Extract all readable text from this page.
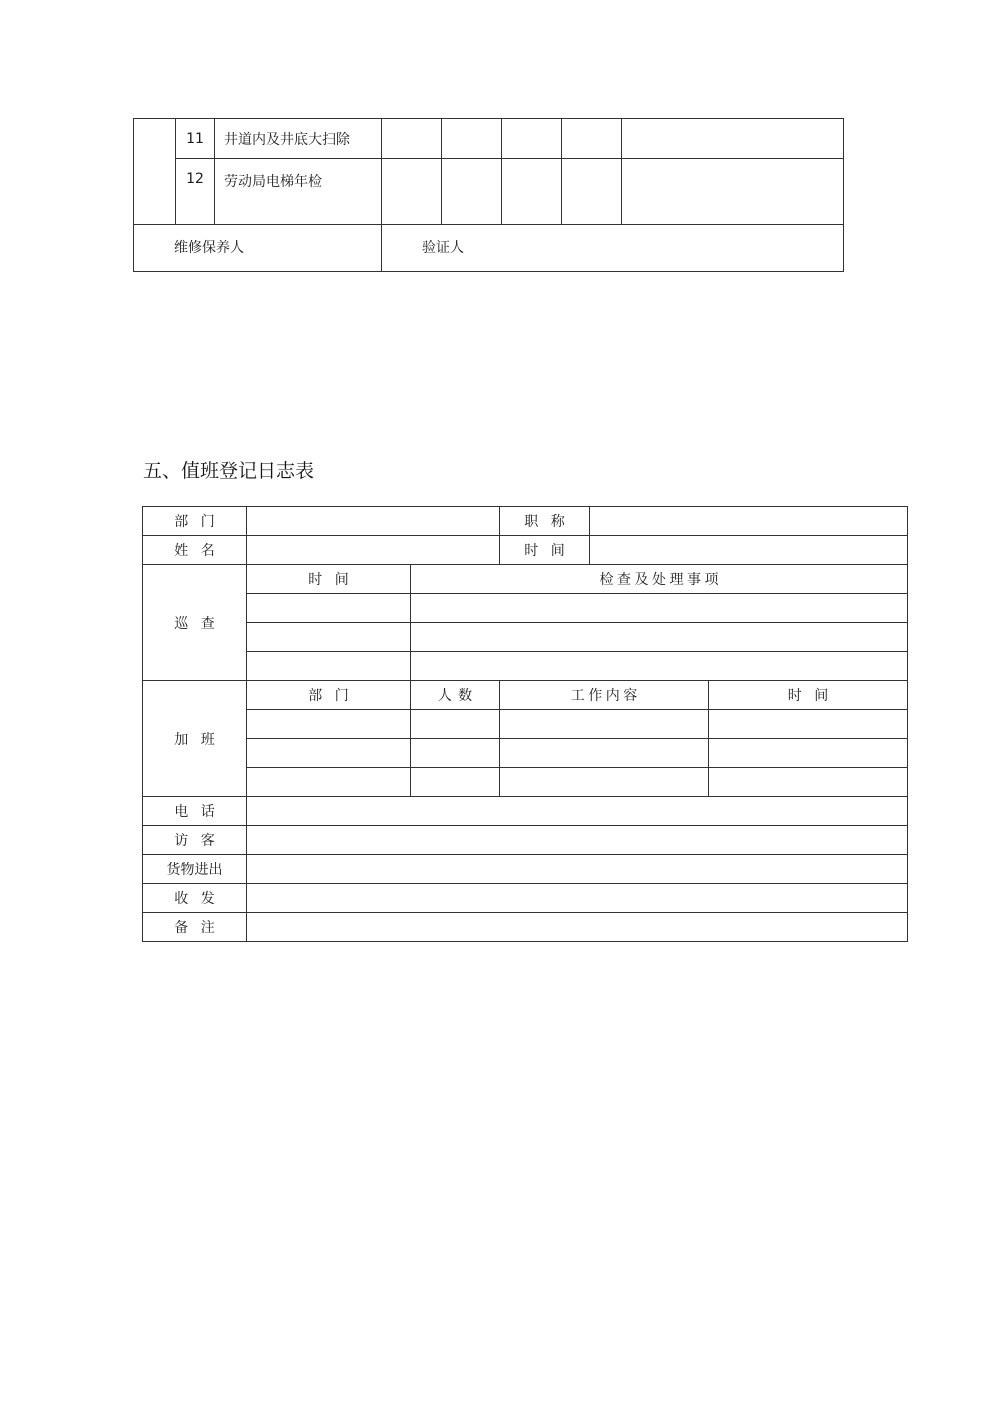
	11	井道内及井底大扫除					
	12	劳动局电梯年检					
维修保养人			验证人				
五、值班登记日志表
部门			职称		
姓名			时间		
巡查	时间	检查及处理事项			

加班	部门	人数	工作内容		时间

电话					
访客					
货物进出					
收发					
备注					
